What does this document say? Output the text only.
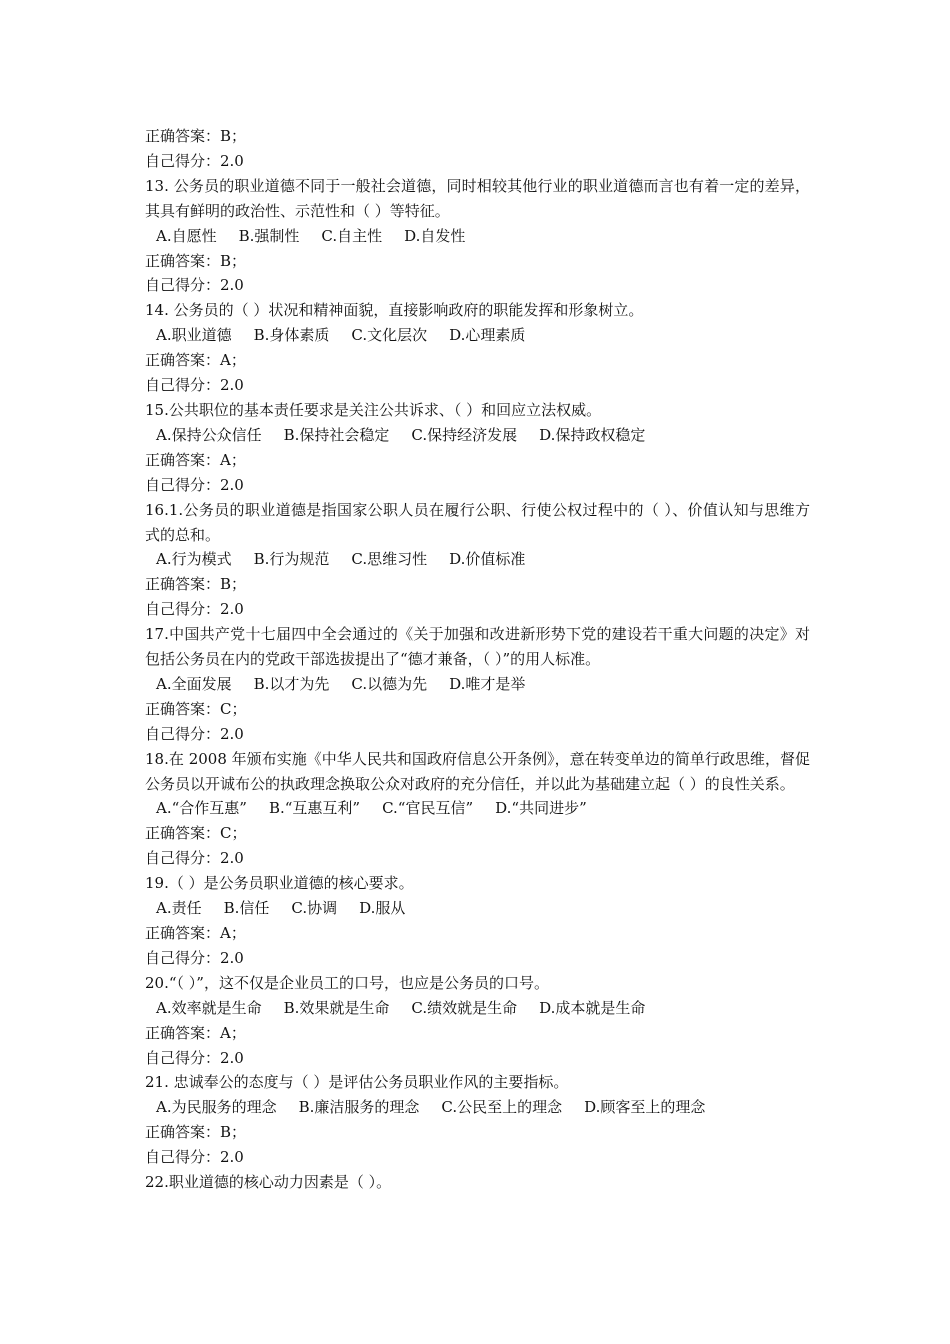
正确答案：B；
自己得分：2.0
13. 公务员的职业道德不同于一般社会道德，同时相较其他行业的职业道德而言也有着一定的差异，其具有鲜明的政治性、示范性和（ ）等特征。
A.自愿性 B.强制性 C.自主性 D.自发性
正确答案：B；
自己得分：2.0
14. 公务员的（ ）状况和精神面貌，直接影响政府的职能发挥和形象树立。
A.职业道德 B.身体素质 C.文化层次 D.心理素质
正确答案：A；
自己得分：2.0
15.公共职位的基本责任要求是关注公共诉求、（ ）和回应立法权威。
A.保持公众信任 B.保持社会稳定 C.保持经济发展 D.保持政权稳定
正确答案：A；
自己得分：2.0
16.1.公务员的职业道德是指国家公职人员在履行公职、行使公权过程中的（ ）、价值认知与思维方式的总和。
A.行为模式 B.行为规范 C.思维习性 D.价值标准
正确答案：B；
自己得分：2.0
17.中国共产党十七届四中全会通过的《关于加强和改进新形势下党的建设若干重大问题的决定》对包括公务员在内的党政干部选拔提出了“德才兼备，（ ）”的用人标准。
A.全面发展 B.以才为先 C.以德为先 D.唯才是举
正确答案：C；
自己得分：2.0
18.在 2008 年颁布实施《中华人民共和国政府信息公开条例》，意在转变单边的简单行政思维，督促公务员以开诚布公的执政理念换取公众对政府的充分信任，并以此为基础建立起（ ）的良性关系。
A.“合作互惠” B.“互惠互利” C.“官民互信” D.“共同进步”
正确答案：C；
自己得分：2.0
19.（ ）是公务员职业道德的核心要求。
A.责任 B.信任 C.协调 D.服从
正确答案：A；
自己得分：2.0
20.“（ ）”，这不仅是企业员工的口号，也应是公务员的口号。
A.效率就是生命 B.效果就是生命 C.绩效就是生命 D.成本就是生命
正确答案：A；
自己得分：2.0
21. 忠诚奉公的态度与（ ）是评估公务员职业作风的主要指标。
A.为民服务的理念 B.廉洁服务的理念 C.公民至上的理念 D.顾客至上的理念
正确答案：B；
自己得分：2.0
22.职业道德的核心动力因素是（ ）。
